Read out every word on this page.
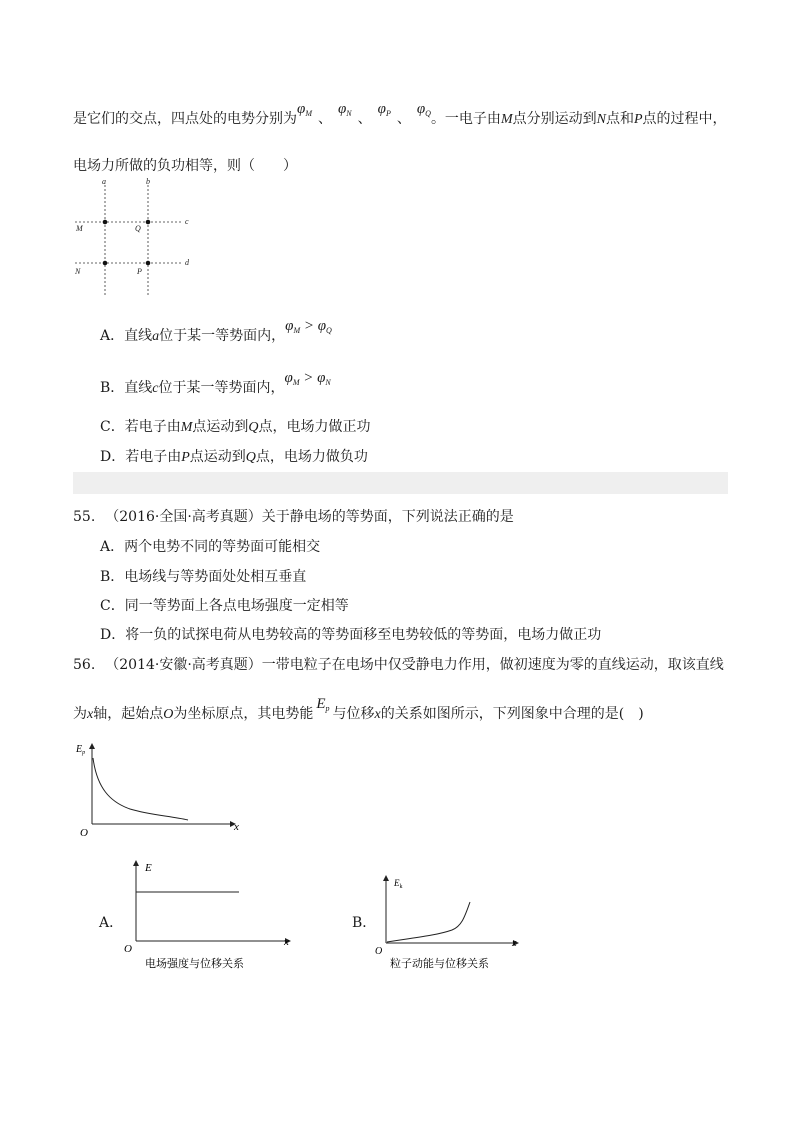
是它们的交点，四点处的电势分别为$\varphi_M$ 、$\varphi_N$ 、$\varphi_P$ 、$\varphi_Q$。一电子由M点分别运动到N点和P点的过程中，
电场力所做的负功相等，则（　　）
a	b
c
d
M	Q
N	P
A．直线a位于某一等势面内，$\varphi_M > \varphi_Q$
B．直线c位于某一等势面内，$\varphi_M > \varphi_N$
C．若电子由M点运动到Q点，电场力做正功
D．若电子由P点运动到Q点，电场力做负功
55. （2016·全国·高考真题）关于静电场的等势面，下列说法正确的是
A．两个电势不同的等势面可能相交
B．电场线与等势面处处相互垂直
C．同一等势面上各点电场强度一定相等
D．将一负的试探电荷从电势较高的等势面移至电势较低的等势面，电场力做正功
56. （2014·安徽·高考真题）一带电粒子在电场中仅受静电力作用，做初速度为零的直线运动，取该直线
为x轴，起始点O为坐标原点，其电势能$E_p$ 与位移x的关系如图所示，下列图象中合理的是(　)
$E_p$
O	x
A．
E
O
x
电场强度与位移关系
B．
$E_k$
O
x
粒子动能与位移关系
